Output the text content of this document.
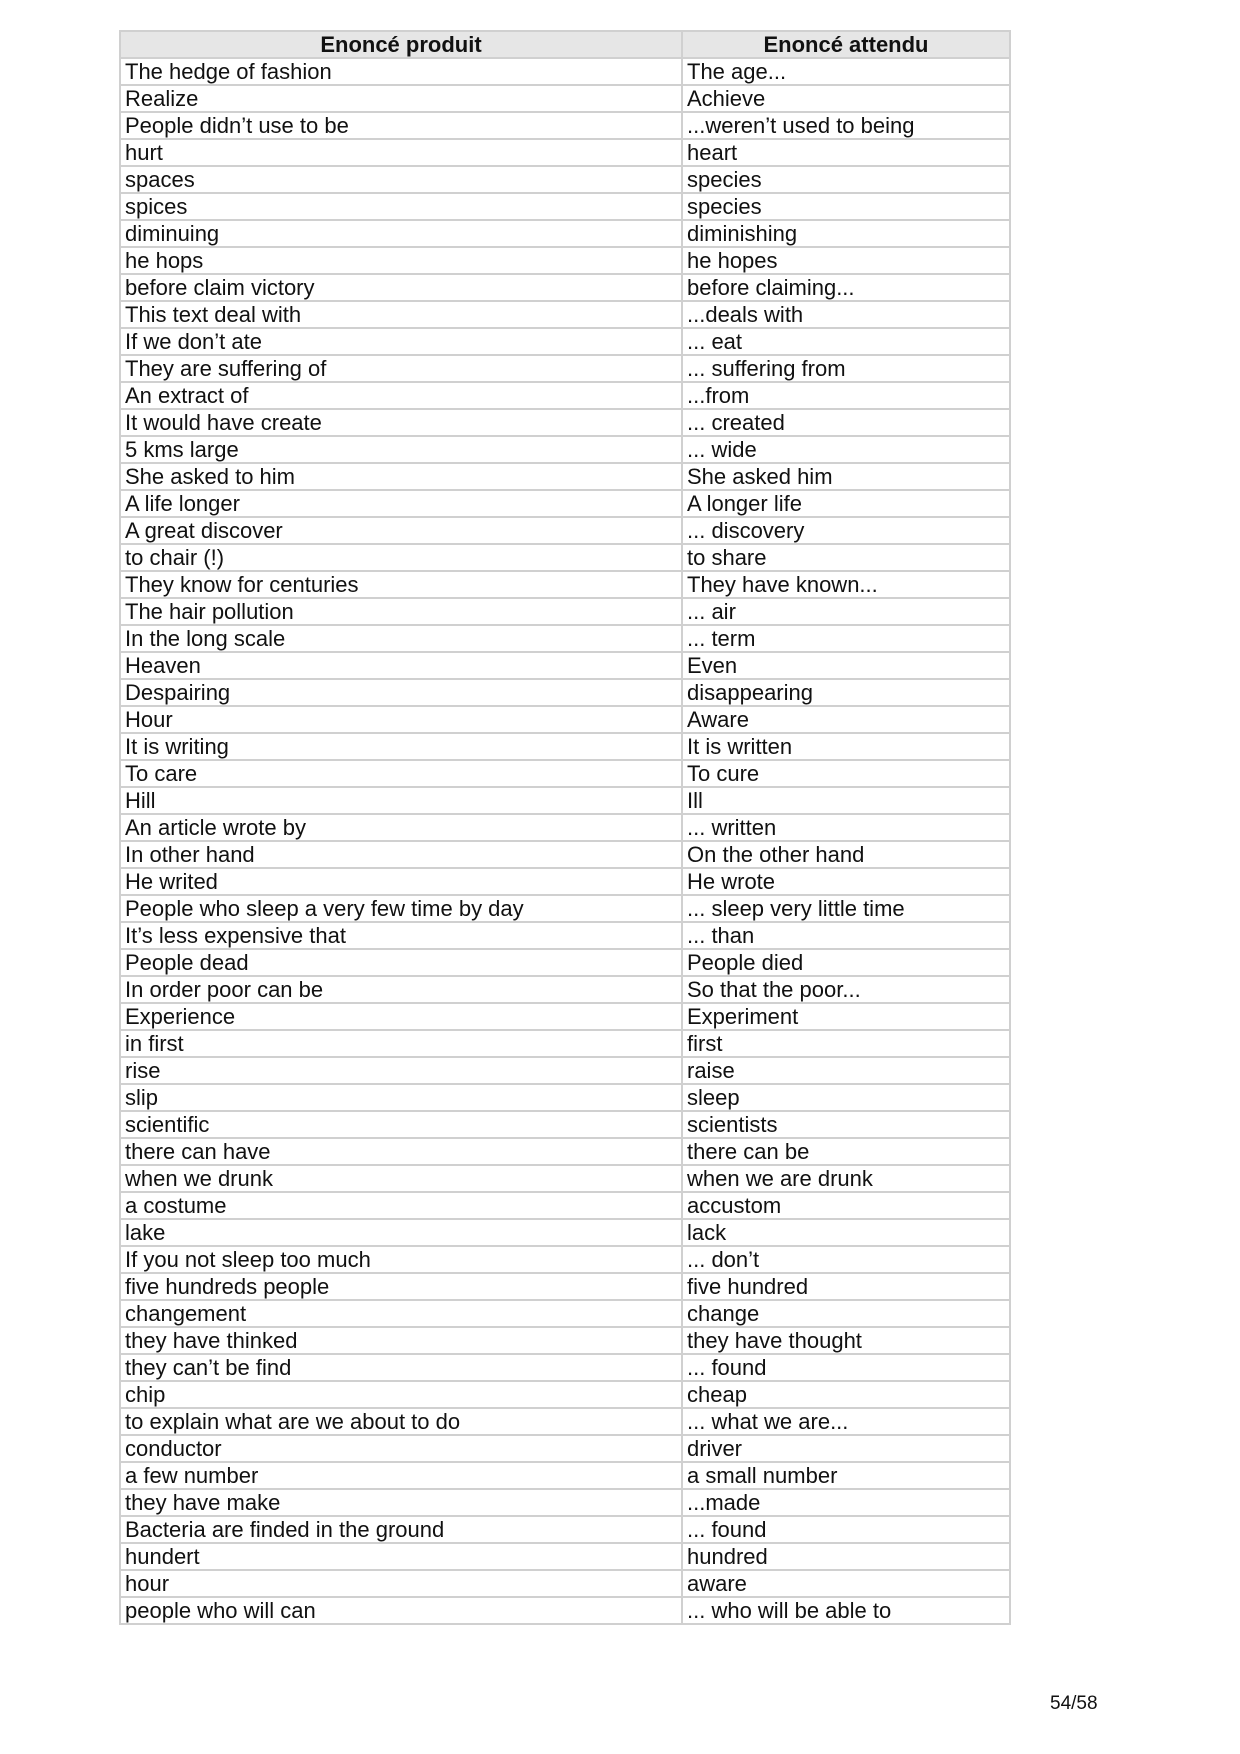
Enoncé produit	Enoncé attendu
The hedge of fashion	The age...
Realize	Achieve
People didn’t use to be	...weren’t used to being
hurt	heart
spaces	species
spices	species
diminuing	diminishing
he hops	he hopes
before claim victory	before claiming...
This text deal with	...deals with
If we don’t ate	... eat
They are suffering of	... suffering from
An extract of	...from
It would have create	... created
5 kms large	... wide
She asked to him	She asked him
A life longer	A longer life
A great discover	... discovery
to chair (!)	to share
They know for centuries	They have known...
The hair pollution	... air
In the long scale	... term
Heaven	Even
Despairing	disappearing
Hour	Aware
It is writing	It is written
To care	To cure
Hill	Ill
An article wrote by	... written
In other hand	On the other hand
He writed	He wrote
People who sleep a very few time by day	... sleep very little time
It’s less expensive that	... than
People dead	People died
In order poor can be	So that the poor...
Experience	Experiment
in first	first
rise	raise
slip	sleep
scientific	scientists
there can have	there can be
when we drunk	when we are drunk
a costume	accustom
lake	lack
If you not sleep too much	... don’t
five hundreds people	five hundred
changement	change
they have thinked	they have thought
they can’t be find	... found
chip	cheap
to explain what are we about to do	... what we are...
conductor	driver
a few number	a small number
they have make	...made
Bacteria are finded in the ground	... found
hundert	hundred
hour	aware
people who will can	... who will be able to
54/58
